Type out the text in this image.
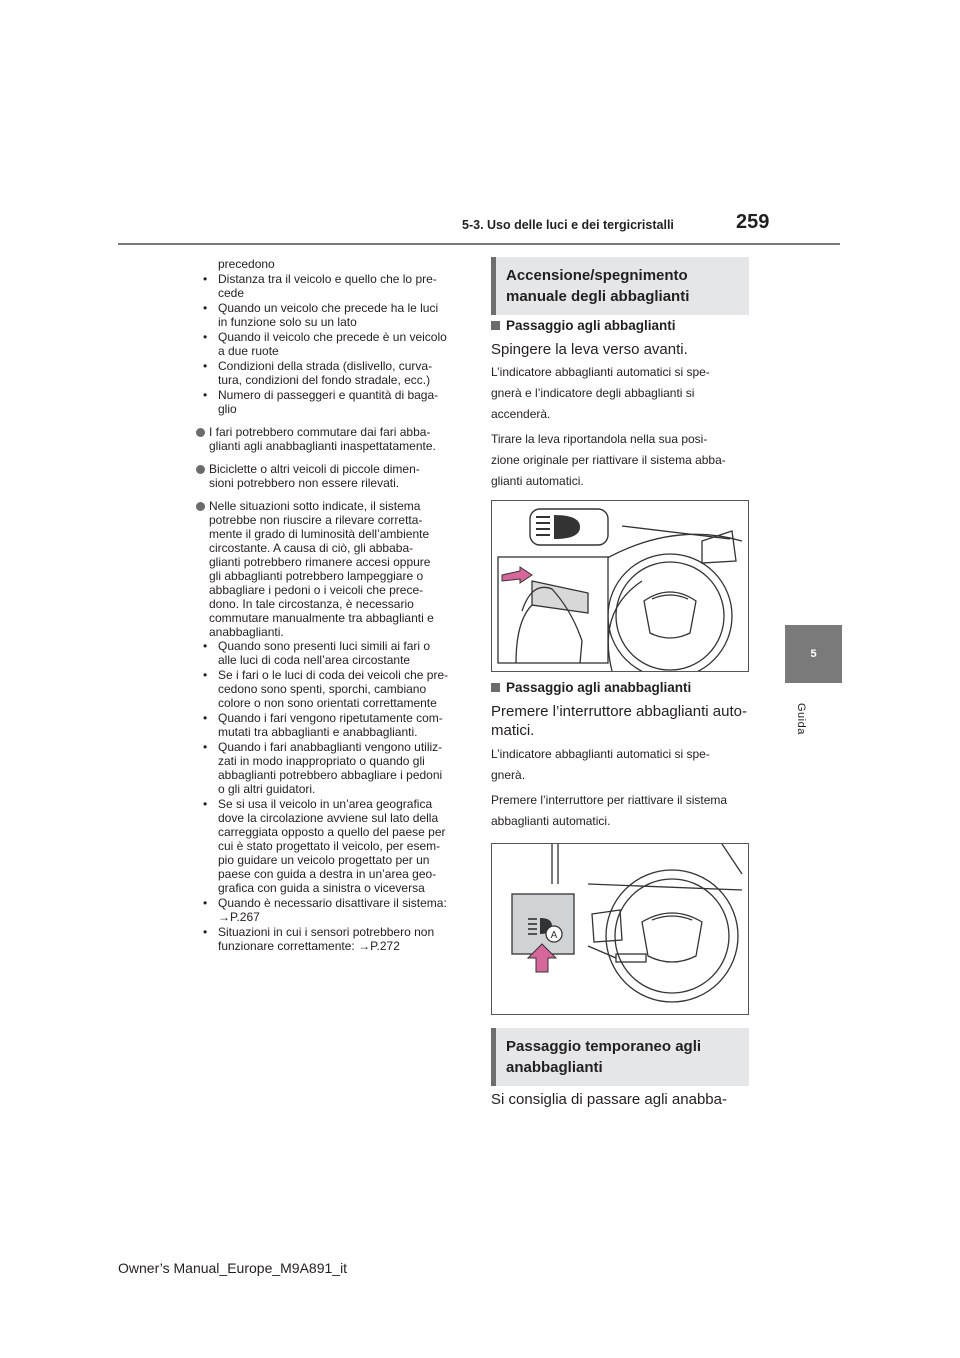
5-3. Uso delle luci e dei tergicristalli	259
5
Guida
precedono
• Distanza tra il veicolo e quello che lo pre-
cede
• Quando un veicolo che precede ha le luci
in funzione solo su un lato
• Quando il veicolo che precede è un veicolo
a due ruote
• Condizioni della strada (dislivello, curva-
tura, condizioni del fondo stradale, ecc.)
• Numero di passeggeri e quantità di baga-
glio
I fari potrebbero commutare dai fari abba-
glianti agli anabbaglianti inaspettatamente.
Biciclette o altri veicoli di piccole dimen-
sioni potrebbero non essere rilevati.
Nelle situazioni sotto indicate, il sistema
potrebbe non riuscire a rilevare corretta-
mente il grado di luminosità dell’ambiente
circostante. A causa di ciò, gli abbaba-
glianti potrebbero rimanere accesi oppure
gli abbaglianti potrebbero lampeggiare o
abbagliare i pedoni o i veicoli che prece-
dono. In tale circostanza, è necessario
commutare manualmente tra abbaglianti e
anabbaglianti.
• Quando sono presenti luci simili ai fari o
alle luci di coda nell’area circostante
• Se i fari o le luci di coda dei veicoli che pre-
cedono sono spenti, sporchi, cambiano
colore o non sono orientati correttamente
• Quando i fari vengono ripetutamente com-
mutati tra abbaglianti e anabbaglianti.
• Quando i fari anabbaglianti vengono utiliz-
zati in modo inappropriato o quando gli
abbaglianti potrebbero abbagliare i pedoni
o gli altri guidatori.
• Se si usa il veicolo in un’area geografica
dove la circolazione avviene sul lato della
carreggiata opposto a quello del paese per
cui è stato progettato il veicolo, per esem-
pio guidare un veicolo progettato per un
paese con guida a destra in un’area geo-
grafica con guida a sinistra o viceversa
• Quando è necessario disattivare il sistema:
→P.267
• Situazioni in cui i sensori potrebbero non
funzionare correttamente: →P.272
Accensione/spegnimento
manuale degli abbaglianti
Passaggio agli abbaglianti
Spingere la leva verso avanti.
L’indicatore abbaglianti automatici si spe-
gnerà e l’indicatore degli abbaglianti si
accenderà.
Tirare la leva riportandola nella sua posi-
zione originale per riattivare il sistema abba-
glianti automatici.
Passaggio agli anabbaglianti
Premere l’interruttore abbaglianti auto-
matici.
L’indicatore abbaglianti automatici si spe-
gnerà.
Premere l’interruttore per riattivare il sistema
abbaglianti automatici.
A
Passaggio temporaneo agli
anabbaglianti
Si consiglia di passare agli anabba-
Owner’s Manual_Europe_M9A891_it
